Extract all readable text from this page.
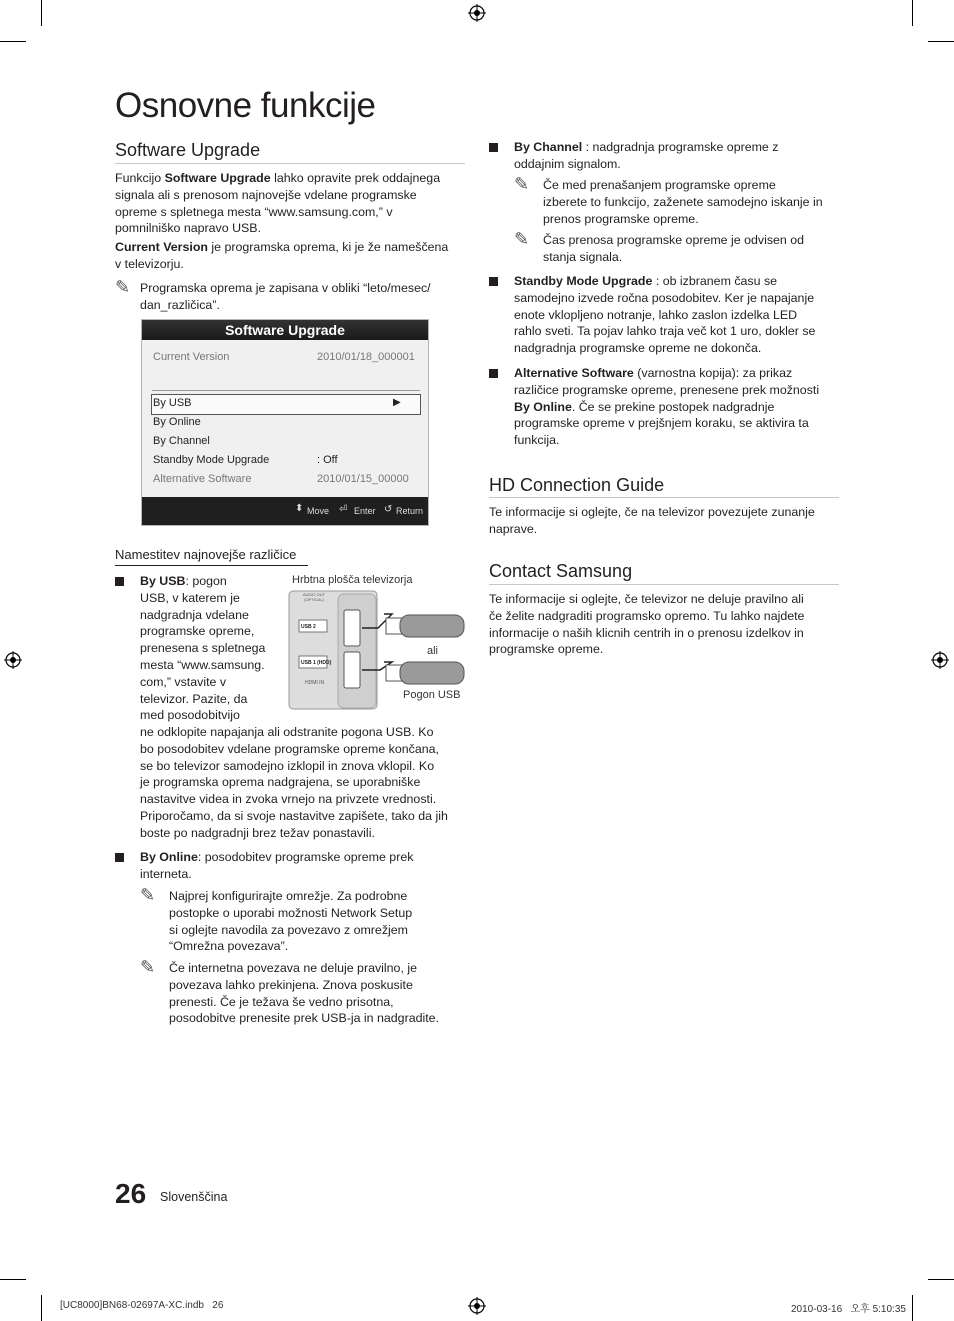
Osnovne funkcije
Software Upgrade
Funkcijo Software Upgrade lahko opravite prek oddajnega
signala ali s prenosom najnovejše vdelane programske
opreme s spletnega mesta “www.samsung.com,” v
pomnilniško napravo USB.
Current Version je programska oprema, ki je že nameščena
v televizorju.
✎ Programska oprema je zapisana v obliki “leto/mesec/
dan_različica”.
Software Upgrade
Current Version	2010/01/18_000001
By USB	▶
By Online
By Channel
Standby Mode Upgrade	: Off
Alternative Software	2010/01/15_00000
⬍ Move ⏎ Enter ↺ Return
Namestitev najnovejše različice
By USB: pogon
USB, v katerem je
nadgradnja vdelane
programske opreme,
prenesena s spletnega
mesta “www.samsung.
com,” vstavite v
televizor. Pazite, da
med posodobitvijo
Hrbtna plošča televizorja
AUDIO OUT (OPTICAL)
USB 2
USB 1 (HDD)
HDMI IN
ali
Pogon USB
ne odklopite napajanja ali odstranite pogona USB. Ko
bo posodobitev vdelane programske opreme končana,
se bo televizor samodejno izklopil in znova vklopil. Ko
je programska oprema nadgrajena, se uporabniške
nastavitve videa in zvoka vrnejo na privzete vrednosti.
Priporočamo, da si svoje nastavitve zapišete, tako da jih
boste po nadgradnji brez težav ponastavili.
By Online: posodobitev programske opreme prek
interneta.
✎ Najprej konfigurirajte omrežje. Za podrobne
postopke o uporabi možnosti Network Setup
si oglejte navodila za povezavo z omrežjem
“Omrežna povezava”.
✎ Če internetna povezava ne deluje pravilno, je
povezava lahko prekinjena. Znova poskusite
prenesti. Če je težava še vedno prisotna,
posodobitve prenesite prek USB-ja in nadgradite.
By Channel : nadgradnja programske opreme z
oddajnim signalom.
✎ Če med prenašanjem programske opreme
izberete to funkcijo, zaženete samodejno iskanje in
prenos programske opreme.
✎ Čas prenosa programske opreme je odvisen od
stanja signala.
Standby Mode Upgrade : ob izbranem času se
samodejno izvede ročna posodobitev. Ker je napajanje
enote vklopljeno notranje, lahko zaslon izdelka LED
rahlo sveti. Ta pojav lahko traja več kot 1 uro, dokler se
nadgradnja programske opreme ne dokonča.
Alternative Software (varnostna kopija): za prikaz
različice programske opreme, prenesene prek možnosti
By Online. Če se prekine postopek nadgradnje
programske opreme v prejšnjem koraku, se aktivira ta
funkcija.
HD Connection Guide
Te informacije si oglejte, če na televizor povezujete zunanje
naprave.
Contact Samsung
Te informacije si oglejte, če televizor ne deluje pravilno ali
če želite nadgraditi programsko opremo. Tu lahko najdete
informacije o naših klicnih centrih in o prenosu izdelkov in
programske opreme.
26 Slovenščina
[UC8000]BN68-02697A-XC.indb   26	2010-03-16   오후 5:10:35
